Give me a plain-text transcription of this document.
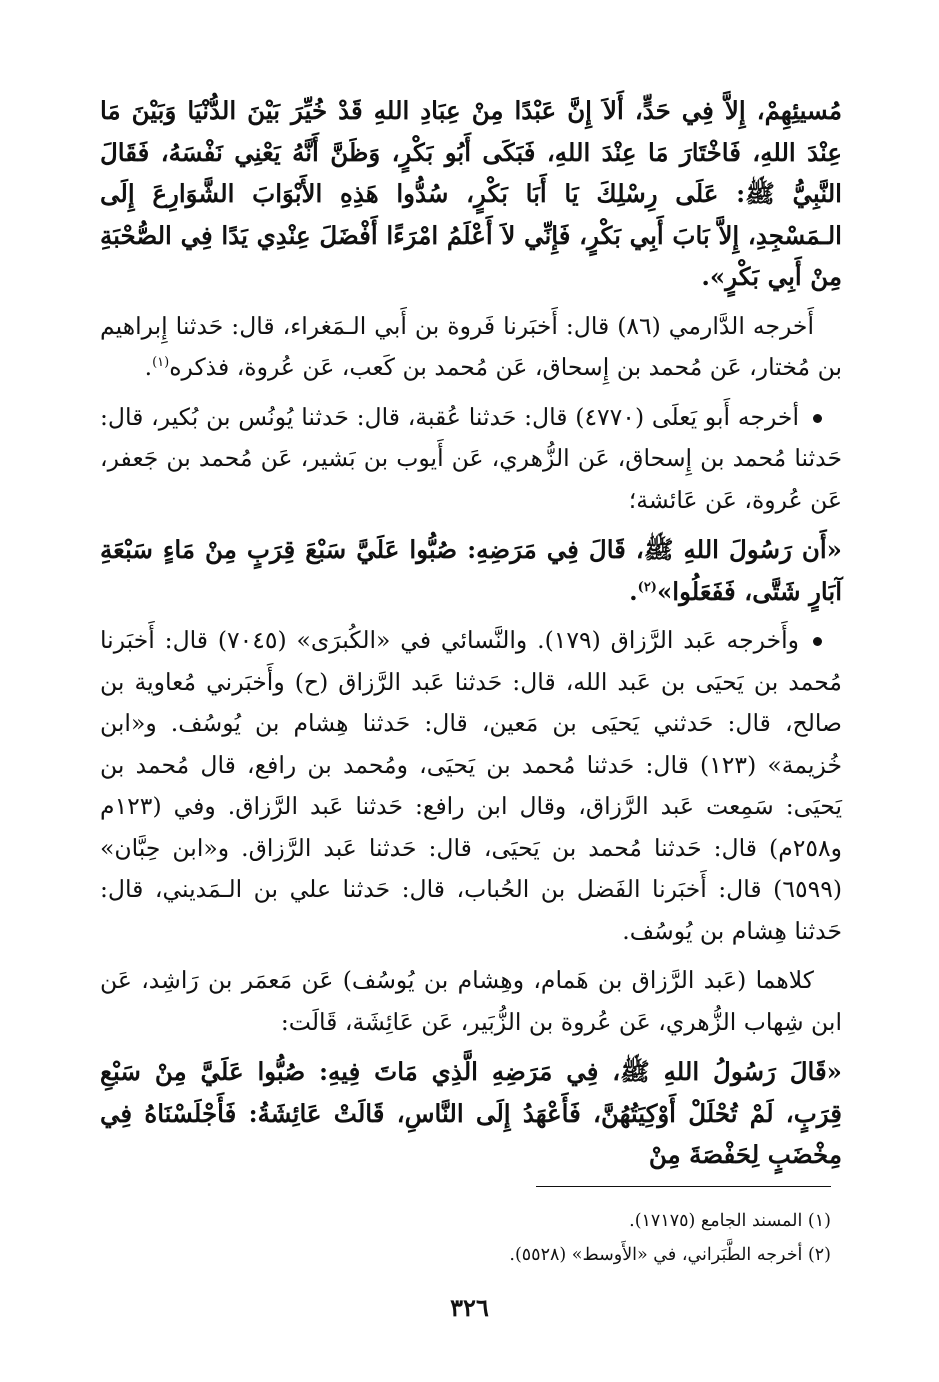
مُسيئِهِمْ، إِلاَّ فِي حَدٍّ، أَلاَ إِنَّ عَبْدًا مِنْ عِبَادِ اللهِ قَدْ خُيِّرَ بَيْنَ الدُّنْيَا وَبَيْنَ مَا عِنْدَ اللهِ، فَاخْتَارَ مَا عِنْدَ اللهِ، فَبَكَى أَبُو بَكْرٍ، وَظَنَّ أَنَّهُ يَعْنِي نَفْسَهُ، فَقَالَ النَّبِيُّ ﷺ: عَلَى رِسْلِكَ يَا أَبَا بَكْرٍ، سُدُّوا هَذِهِ الأَبْوَابَ الشَّوَارِعَ إِلَى الـمَسْجِدِ، إِلاَّ بَابَ أَبِي بَكْرٍ، فَإِنِّي لاَ أَعْلَمُ امْرَءًا أَفْضَلَ عِنْدِي يَدًا فِي الصُّحْبَةِ مِنْ أَبِي بَكْرٍ».

أَخرجه الدَّارمي (٨٦) قال: أَخبَرنا فَروة بن أَبي الـمَغراء، قال: حَدثنا إِبراهيم بن مُختار، عَن مُحمد بن إِسحاق، عَن مُحمد بن كَعب، عَن عُروة، فذكره$^{(١)}$.

أخرجه أَبو يَعلَى (٤٧٧٠) قال: حَدثنا عُقبة، قال: حَدثنا يُونُس بن بُكير، قال: حَدثنا مُحمد بن إِسحاق، عَن الزُّهري، عَن أَيوب بن بَشير، عَن مُحمد بن جَعفر، عَن عُروة، عَن عَائشة؛

«أَن رَسُولَ اللهِ ﷺ، قَالَ فِي مَرَضِهِ: صُبُّوا عَلَيَّ سَبْعَ قِرَبٍ مِنْ مَاءٍ سَبْعَةِ آبَارٍ شَتَّى، فَفَعَلُوا»$^{(٢)}$.

وأَخرجه عَبد الرَّزاق (١٧٩). والنَّسائي في «الكُبرَى» (٧٠٤٥) قال: أَخبَرنا مُحمد بن يَحيَى بن عَبد الله، قال: حَدثنا عَبد الرَّزاق (ح) وأَخبَرني مُعاوية بن صالح، قال: حَدثني يَحيَى بن مَعين، قال: حَدثنا هِشام بن يُوسُف. و«ابن خُزيمة» (١٢٣) قال: حَدثنا مُحمد بن يَحيَى، ومُحمد بن رافع، قال مُحمد بن يَحيَى: سَمِعت عَبد الرَّزاق، وقال ابن رافع: حَدثنا عَبد الرَّزاق. وفي (١٢٣م و٢٥٨م) قال: حَدثنا مُحمد بن يَحيَى، قال: حَدثنا عَبد الرَّزاق. و«ابن حِبَّان» (٦٥٩٩) قال: أَخبَرنا الفَضل بن الحُباب، قال: حَدثنا علي بن الـمَديني، قال: حَدثنا هِشام بن يُوسُف.

كلاهما (عَبد الرَّزاق بن هَمام، وهِشام بن يُوسُف) عَن مَعمَر بن رَاشِد، عَن ابن شِهاب الزُّهري، عَن عُروة بن الزُّبَير، عَن عَائِشَة، قَالَت:

«قَالَ رَسُولُ اللهِ ﷺ، فِي مَرَضِهِ الَّذِي مَاتَ فِيهِ: صُبُّوا عَلَيَّ مِنْ سَبْعِ قِرَبٍ، لَمْ تُحْلَلْ أَوْكِيَتُهُنَّ، فَأَعْهَدُ إِلَى النَّاسِ، قَالَتْ عَائِشَةُ: فَأَجْلَسْنَاهُ فِي مِخْضَبٍ لِحَفْصَةَ مِنْ

(١) المسند الجامع (١٧١٧٥).

(٢) أخرجه الطَّبَراني، في «الأَوسط» (٥٥٢٨).

٣٢٦
